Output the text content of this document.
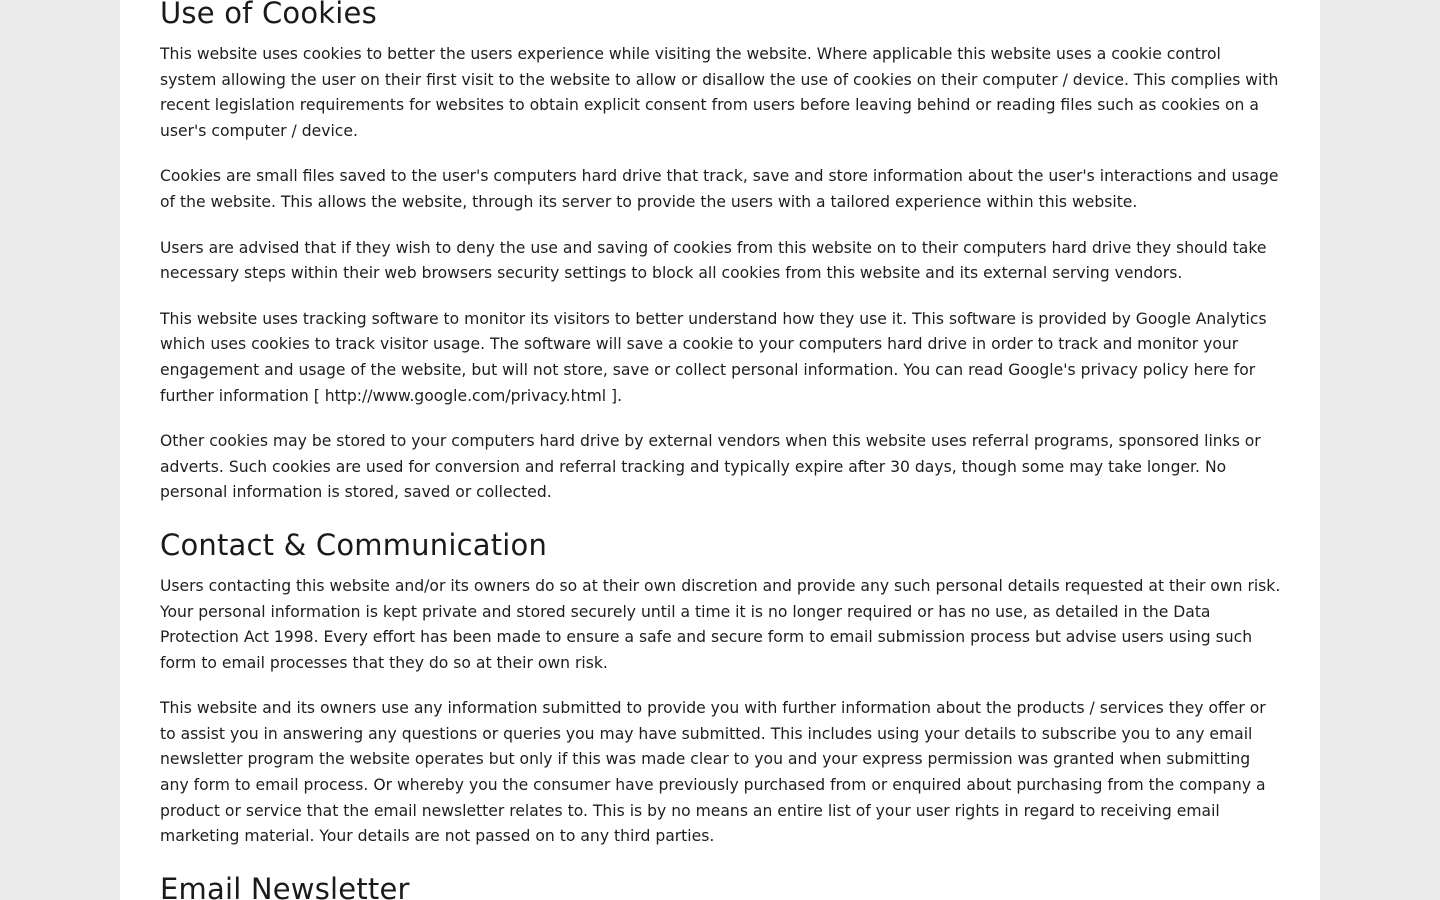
Use of Cookies

This website uses cookies to better the users experience while visiting the website. Where applicable this website uses a cookie control system allowing the user on their first visit to the website to allow or disallow the use of cookies on their computer / device. This complies with recent legislation requirements for websites to obtain explicit consent from users before leaving behind or reading files such as cookies on a user's computer / device.

Cookies are small files saved to the user's computers hard drive that track, save and store information about the user's interactions and usage of the website. This allows the website, through its server to provide the users with a tailored experience within this website.

Users are advised that if they wish to deny the use and saving of cookies from this website on to their computers hard drive they should take necessary steps within their web browsers security settings to block all cookies from this website and its external serving vendors.

This website uses tracking software to monitor its visitors to better understand how they use it. This software is provided by Google Analytics which uses cookies to track visitor usage. The software will save a cookie to your computers hard drive in order to track and monitor your engagement and usage of the website, but will not store, save or collect personal information. You can read Google's privacy policy here for further information [ http://www.google.com/privacy.html ].

Other cookies may be stored to your computers hard drive by external vendors when this website uses referral programs, sponsored links or adverts. Such cookies are used for conversion and referral tracking and typically expire after 30 days, though some may take longer. No personal information is stored, saved or collected.

Contact & Communication

Users contacting this website and/or its owners do so at their own discretion and provide any such personal details requested at their own risk. Your personal information is kept private and stored securely until a time it is no longer required or has no use, as detailed in the Data Protection Act 1998. Every effort has been made to ensure a safe and secure form to email submission process but advise users using such form to email processes that they do so at their own risk.

This website and its owners use any information submitted to provide you with further information about the products / services they offer or to assist you in answering any questions or queries you may have submitted. This includes using your details to subscribe you to any email newsletter program the website operates but only if this was made clear to you and your express permission was granted when submitting any form to email process. Or whereby you the consumer have previously purchased from or enquired about purchasing from the company a product or service that the email newsletter relates to. This is by no means an entire list of your user rights in regard to receiving email marketing material. Your details are not passed on to any third parties.

Email Newsletter
